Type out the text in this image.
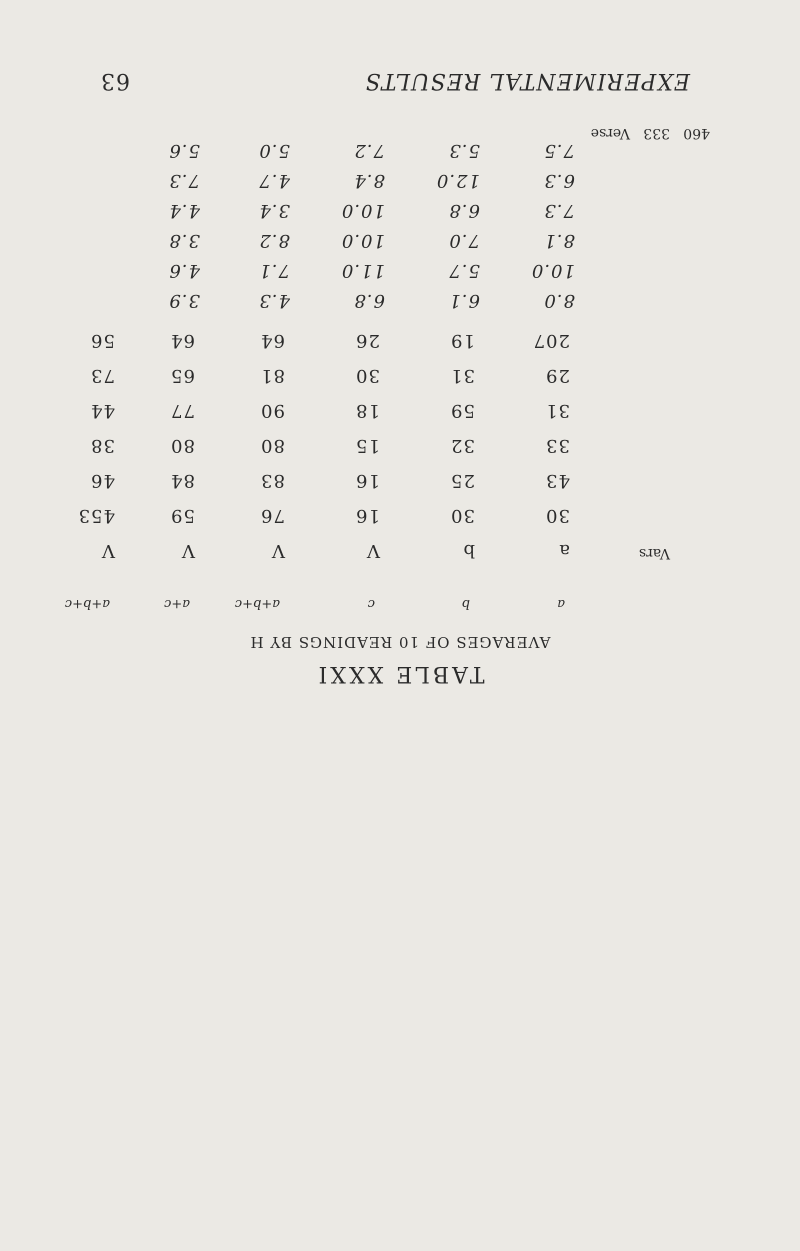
EXPERIMENTAL RESULTS
63
TABLE XXXI
AVERAGES OF 10 READINGS BY H
a
b
c
a+b+c
a+c
a+b+c
a
b
V
V
V
V	Vars
30
30
16
76
59
453
43
25
16
83
84
46
33
32
15
80
80
38
31
59
18
90
77
44
29
31
30
81
65
73
207
19
26
64
64
56
8.0
6.1
6.8
4.3
3.9
10.0
5.7
11.0
7.1
4.6
8.1
7.0
10.0
8.2
3.8
7.3
6.8
10.0
3.4
4.4
6.3
12.0
8.4
4.7
7.3
7.5
5.3
7.2
5.0
5.6
460
333
Verse
